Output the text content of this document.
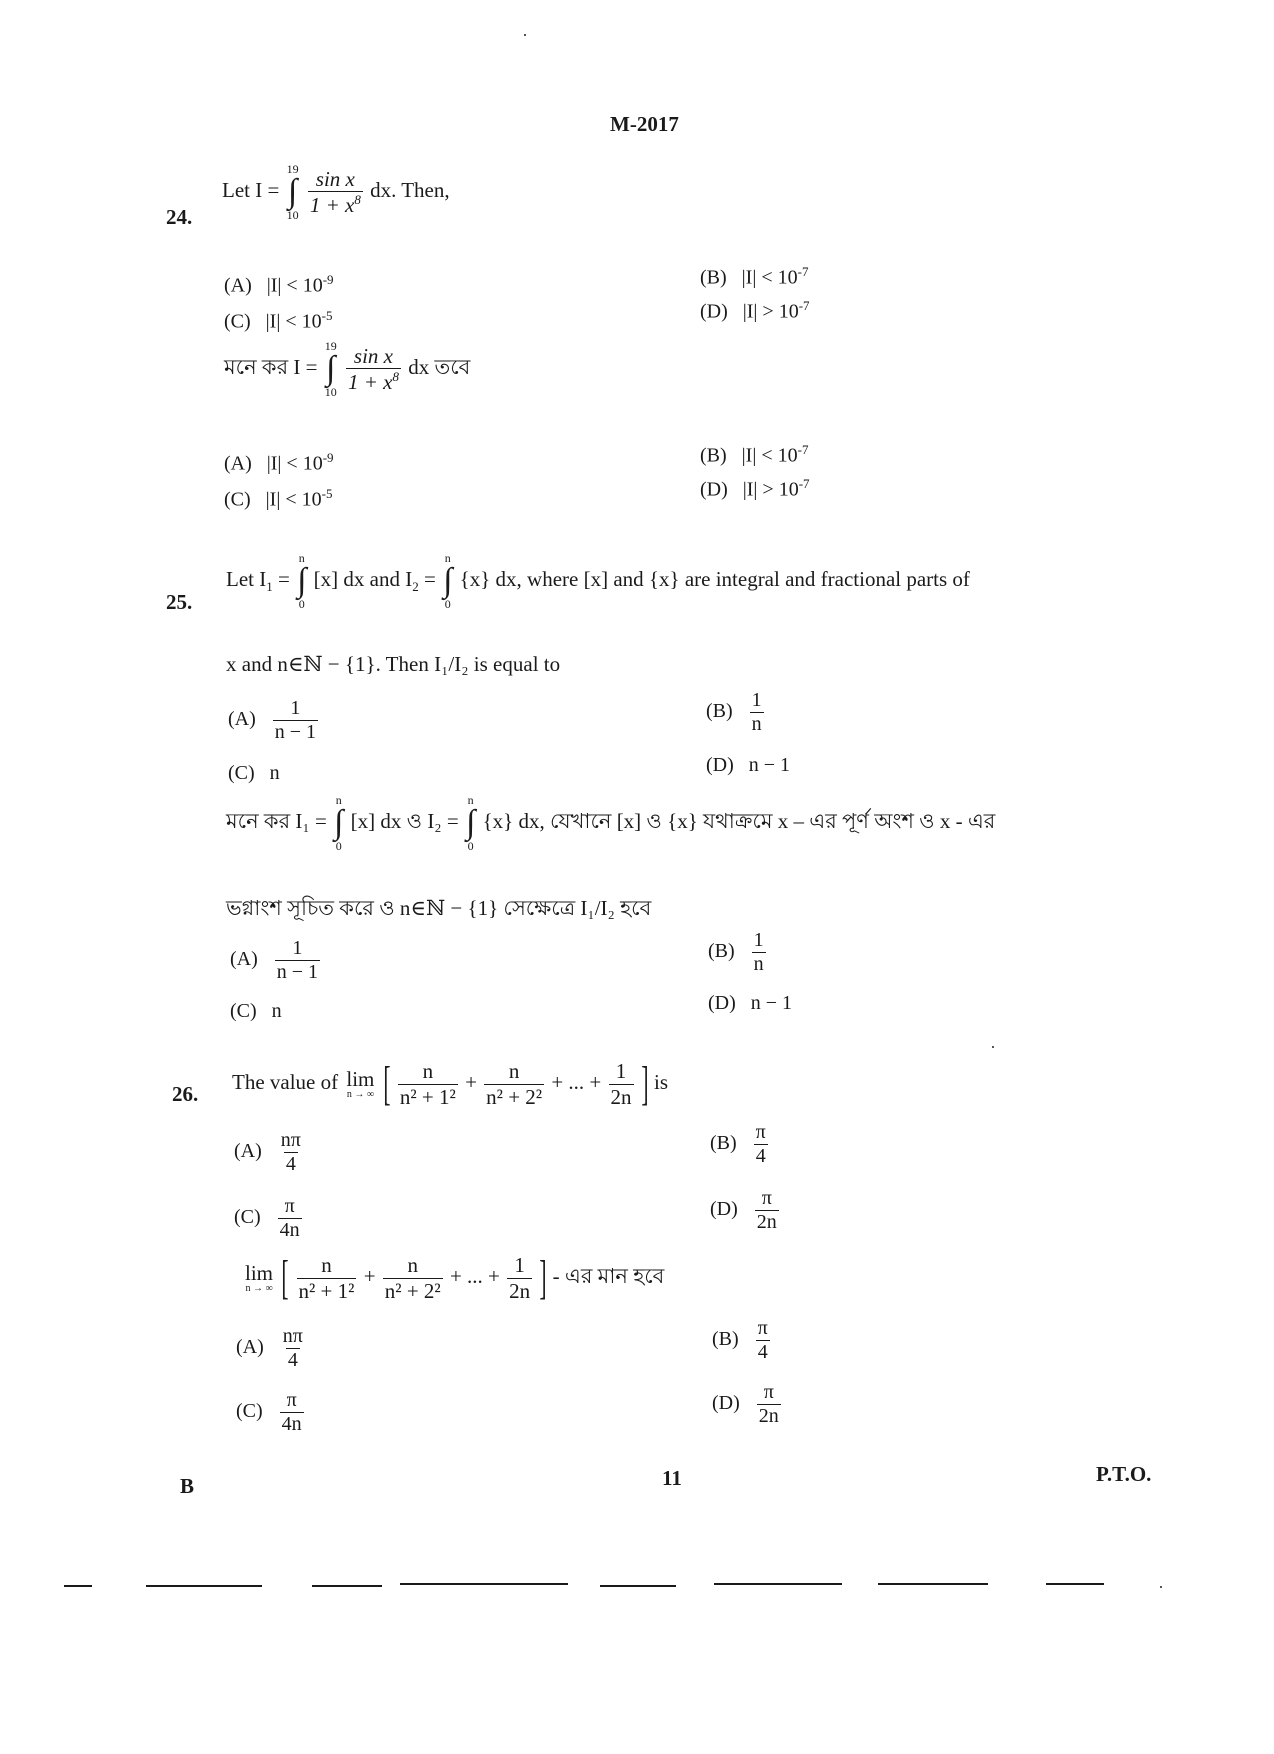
M-2017
24.
Let I =
19
∫
10
$\frac{\text{sin x}}{1 + x^8}$ dx. Then,
(A) $|I| < 10^{-9}$	(B) $|I| < 10^{-7}$
(C) $|I| < 10^{-5}$	(D) $|I| > 10^{-7}$
মনে কর I =
19
∫
10
$\frac{\text{sin x}}{1 + x^8}$ dx তবে
(A) $|I| < 10^{-9}$	(B) $|I| < 10^{-7}$
(C) $|I| < 10^{-5}$	(D) $|I| > 10^{-7}$
25.
Let $I_1$ =
n
∫
0
[x] dx and $I_2$ =
n
∫
0
{x} dx, where [x] and {x} are integral and fractional parts of
x and n∈ℕ − {1}. Then I₁/I₂ is equal to
$(A) \frac{1}{n - 1}$	$(B) \frac{1}{n}$
(C) n	(D) n − 1
মনে কর I₁ =
n
∫
0
[x] dx ও I₂ =
n
∫
0
{x} dx, যেখানে [x] ও {x} যথাক্রমে x – এর পূর্ণ অংশ ও x - এর
ভগ্নাংশ সূচিত করে ও n∈ℕ − {1} সেক্ষেত্রে I₁/I₂ হবে
$(A) \frac{1}{n - 1}$	$(B) \frac{1}{n}$
(C) n	(D) n − 1
26.
The value of lim
n → ∞ [ $\frac{n}{\text{n² + 1²}} + \frac{n}{\text{n² + 2²}}$ + ... + $\frac{1}{2n}$ ] is
$(A) \frac{n\pi}{4}$	$(B) \frac{\pi}{4}$
$(C) \frac{\pi}{4n}$	$(D) \frac{\pi}{2n}$
lim
n → ∞ [ $\frac{n}{\text{n² + 1²}} + \frac{n}{\text{n² + 2²}}$ + ... + $\frac{1}{2n}$ ] - এর মান হবে
$(A) \frac{n\pi}{4}$	$(B) \frac{\pi}{4}$
$(C) \frac{\pi}{4n}$	$(D) \frac{\pi}{2n}$
B	11	P.T.O.
